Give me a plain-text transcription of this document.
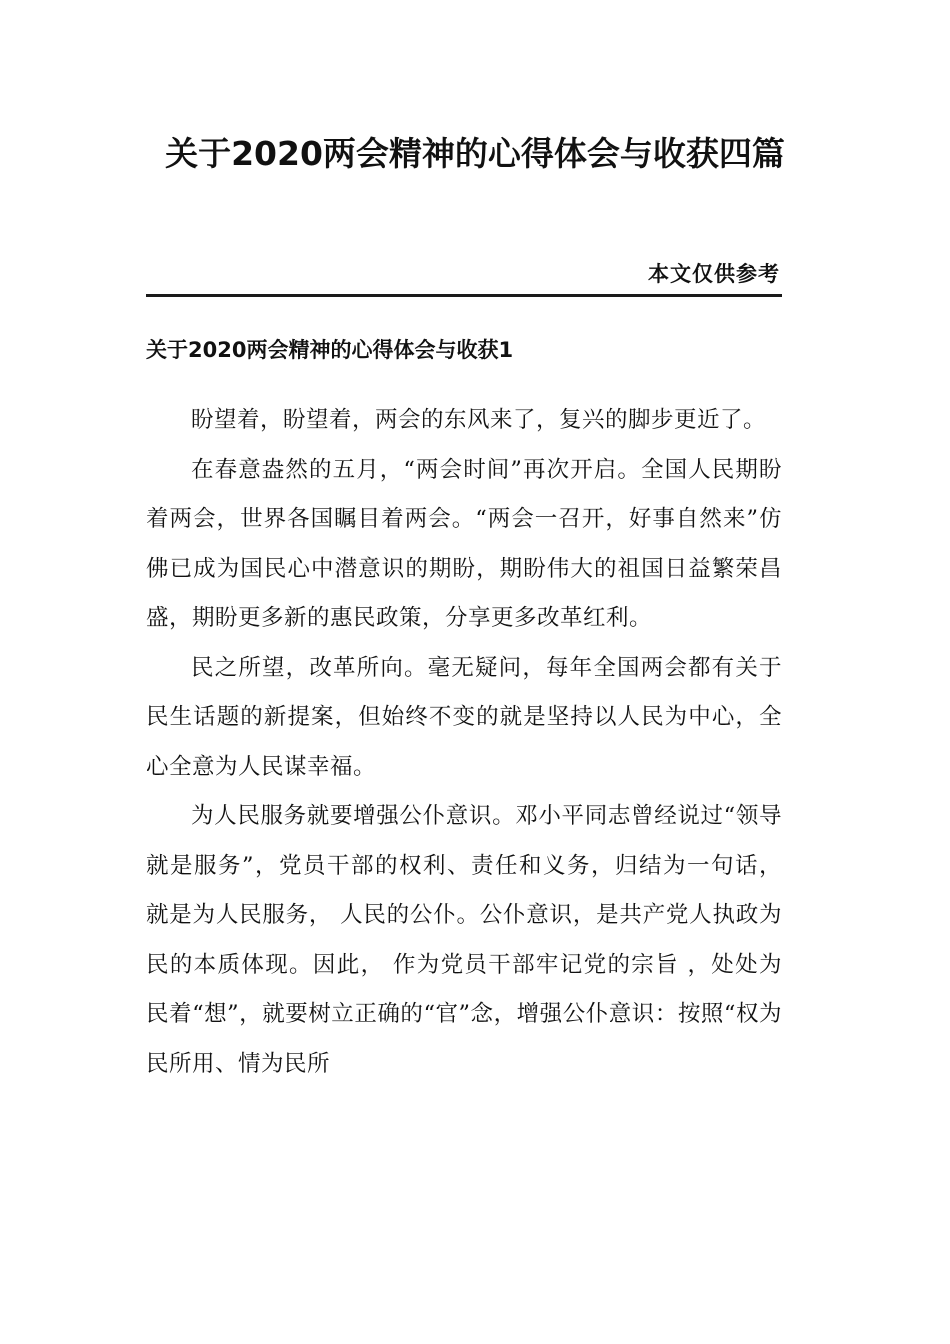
关于2020两会精神的心得体会与收获四篇
本文仅供参考
关于2020两会精神的心得体会与收获1

盼望着，盼望着，两会的东风来了，复兴的脚步更近了。

在春意盎然的五月，“两会时间”再次开启。全国人民期盼着两会，世界各国瞩目着两会。“两会一召开，好事自然来”仿佛已成为国民心中潜意识的期盼，期盼伟大的祖国日益繁荣昌盛，期盼更多新的惠民政策，分享更多改革红利。

民之所望，改革所向。毫无疑问，每年全国两会都有关于民生话题的新提案，但始终不变的就是坚持以人民为中心，全心全意为人民谋幸福。

为人民服务就要增强公仆意识。邓小平同志曾经说过“领导就是服务”，党员干部的权利、责任和义务，归结为一句话， 就是为人民服务， 人民的公仆。公仆意识，是共产党人执政为民的本质体现。因此， 作为党员干部牢记党的宗旨 ，处处为民着“想”，就要树立正确的“官”念，增强公仆意识：按照“权为民所用、情为民所
